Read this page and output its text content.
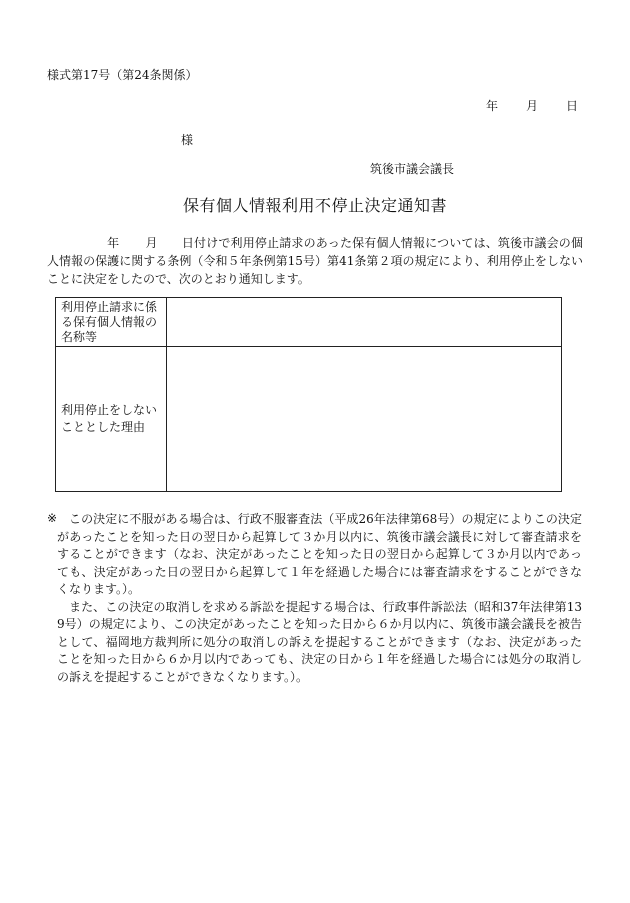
様式第17号（第24条関係）
年 月 日
様
筑後市議会議長
保有個人情報利用不停止決定通知書
年 月 日付けで利用停止請求のあった保有個人情報については、筑後市議会の個人情報の保護に関する条例（令和５年条例第15号）第41条第２項の規定により、利用停止をしないことに決定をしたので、次のとおり通知します。
利用停止請求に係る保有個人情報の名称等
利用停止をしないこととした理由
※ この決定に不服がある場合は、行政不服審査法（平成26年法律第68号）の規定によりこの決定があったことを知った日の翌日から起算して３か月以内に、筑後市議会議長に対して審査請求をすることができます（なお、決定があったことを知った日の翌日から起算して３か月以内であっても、決定があった日の翌日から起算して１年を経過した場合には審査請求をすることができなくなります。）。

また、この決定の取消しを求める訴訟を提起する場合は、行政事件訴訟法（昭和37年法律第139号）の規定により、この決定があったことを知った日から６か月以内に、筑後市議会議長を被告として、福岡地方裁判所に処分の取消しの訴えを提起することができます（なお、決定があったことを知った日から６か月以内であっても、決定の日から１年を経過した場合には処分の取消しの訴えを提起することができなくなります。）。
